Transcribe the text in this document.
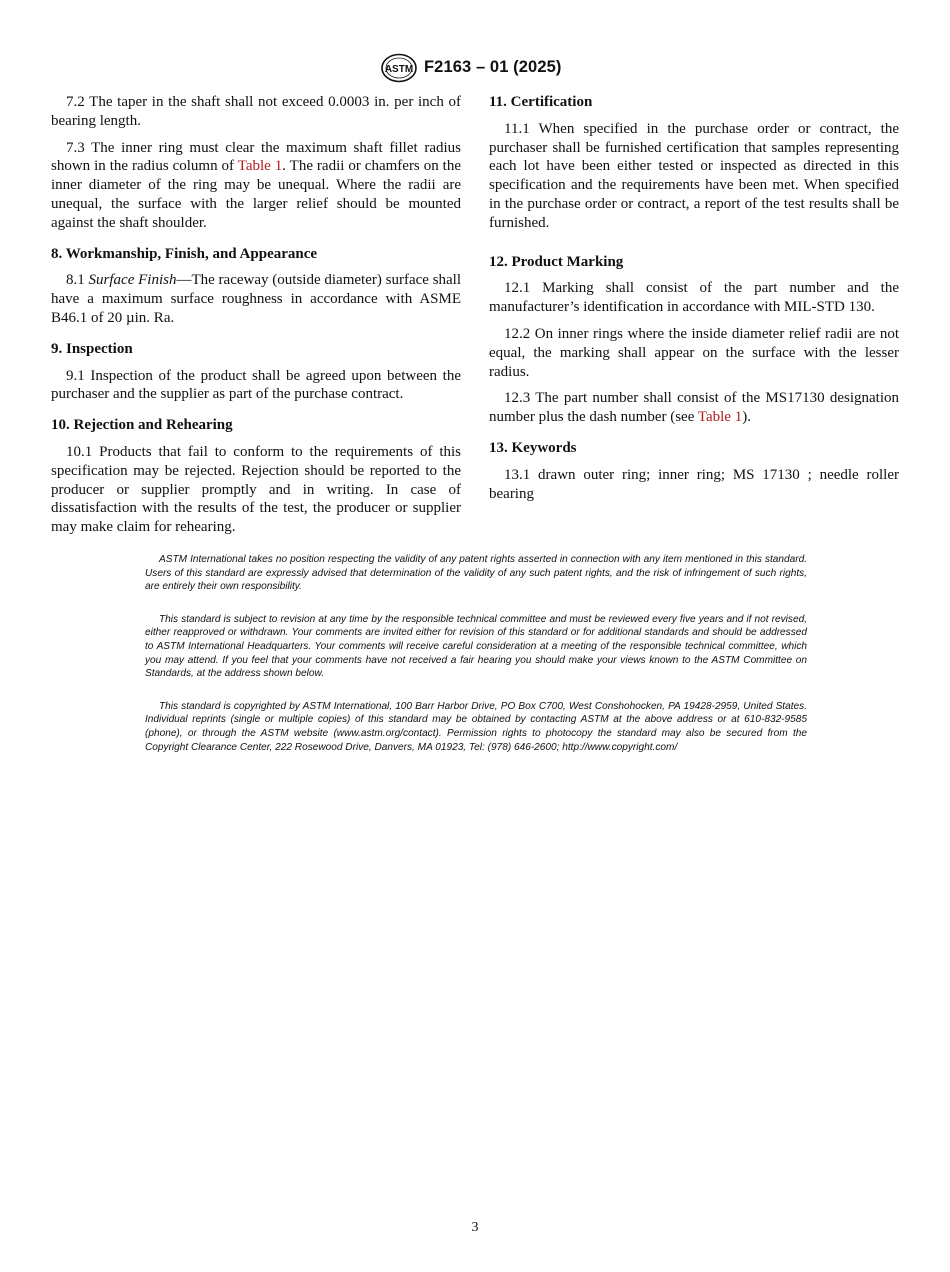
ASTM F2163 – 01 (2025)

7.2 The taper in the shaft shall not exceed 0.0003 in. per inch of bearing length.

7.3 The inner ring must clear the maximum shaft fillet radius shown in the radius column of Table 1. The radii or chamfers on the inner diameter of the ring may be unequal. Where the radii are unequal, the surface with the larger relief should be mounted against the shaft shoulder.

8. Workmanship, Finish, and Appearance

8.1 Surface Finish—The raceway (outside diameter) surface shall have a maximum surface roughness in accordance with ASME B46.1 of 20 µin. Ra.

9. Inspection

9.1 Inspection of the product shall be agreed upon between the purchaser and the supplier as part of the purchase contract.

10. Rejection and Rehearing

10.1 Products that fail to conform to the requirements of this specification may be rejected. Rejection should be reported to the producer or supplier promptly and in writing. In case of dissatisfaction with the results of the test, the producer or supplier may make claim for rehearing.

11. Certification

11.1 When specified in the purchase order or contract, the purchaser shall be furnished certification that samples representing each lot have been either tested or inspected as directed in this specification and the requirements have been met. When specified in the purchase order or contract, a report of the test results shall be furnished.

12. Product Marking

12.1 Marking shall consist of the part number and the manufacturer’s identification in accordance with MIL-STD 130.

12.2 On inner rings where the inside diameter relief radii are not equal, the marking shall appear on the surface with the lesser radius.

12.3 The part number shall consist of the MS17130 designation number plus the dash number (see Table 1).

13. Keywords

13.1 drawn outer ring; inner ring; MS 17130 ; needle roller bearing

ASTM International takes no position respecting the validity of any patent rights asserted in connection with any item mentioned in this standard. Users of this standard are expressly advised that determination of the validity of any such patent rights, and the risk of infringement of such rights, are entirely their own responsibility.

This standard is subject to revision at any time by the responsible technical committee and must be reviewed every five years and if not revised, either reapproved or withdrawn. Your comments are invited either for revision of this standard or for additional standards and should be addressed to ASTM International Headquarters. Your comments will receive careful consideration at a meeting of the responsible technical committee, which you may attend. If you feel that your comments have not received a fair hearing you should make your views known to the ASTM Committee on Standards, at the address shown below.

This standard is copyrighted by ASTM International, 100 Barr Harbor Drive, PO Box C700, West Conshohocken, PA 19428-2959, United States. Individual reprints (single or multiple copies) of this standard may be obtained by contacting ASTM at the above address or at 610-832-9585 (phone), or through the ASTM website (www.astm.org/contact). Permission rights to photocopy the standard may also be secured from the Copyright Clearance Center, 222 Rosewood Drive, Danvers, MA 01923, Tel: (978) 646-2600; http://www.copyright.com/

3
